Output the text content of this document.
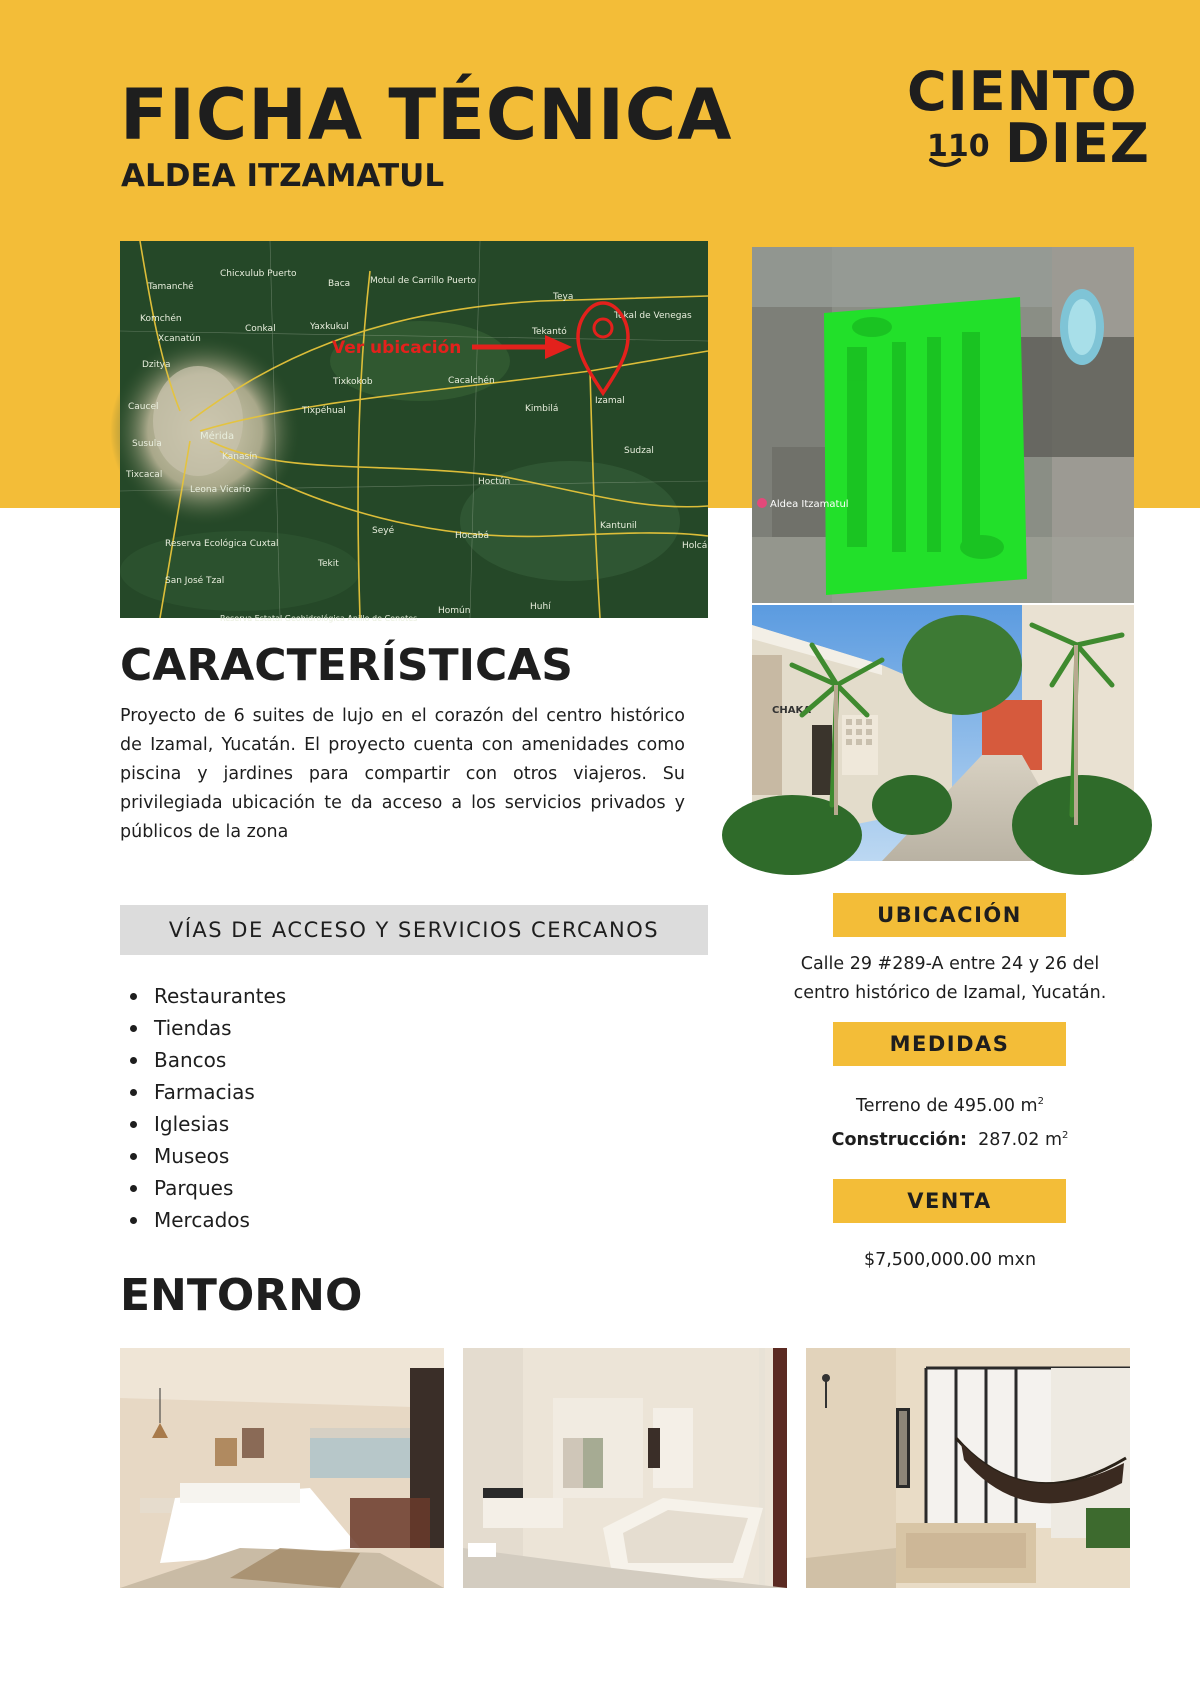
FICHA TÉCNICA
ALDEA ITZAMATUL
CIENTO
110 DIEZ
Chicxulub Puerto
Tamanché
Komchén
Xcanatún
Dzitya
Caucel
Susula
Tixcacal
Mérida
Kanasín
Leona Vicario
Reserva Ecológica Cuxtal
San José Tzal
Conkal	Yaxkukul
Baca Motul de Carrillo Puerto
Tixkokob
Tixpéhual
Cacalchén
Teya
Tekal de Venegas
Tekantó
Izamal
Kimbilá
Sudzal
Hoctún
Seyé	Hocabá
Kantunil
Holcá
Tekit
Homún	Huhí
Reserva Estatal Geohidrológica Anillo de Cenotes
Ver ubicación
Aldea Itzamatul
CHAKA
CARACTERÍSTICAS

Proyecto de 6 suites de lujo en el corazón del centro histórico de Izamal, Yucatán. El proyecto cuenta con amenidades como piscina y jardines para compartir con otros viajeros. Su privilegiada ubicación te da acceso a los servicios privados y públicos de la zona

VÍAS DE ACCESO Y SERVICIOS CERCANOS
Restaurantes
Tiendas
Bancos
Farmacias
Iglesias
Museos
Parques
Mercados
UBICACIÓN
Calle 29 #289-A entre 24 y 26 del
centro histórico de Izamal, Yucatán.
MEDIDAS
Terreno de 495.00 $m^2$
Construcción: 287.02 $m^2$
VENTA
$7,500,000.00 mxn
ENTORNO
